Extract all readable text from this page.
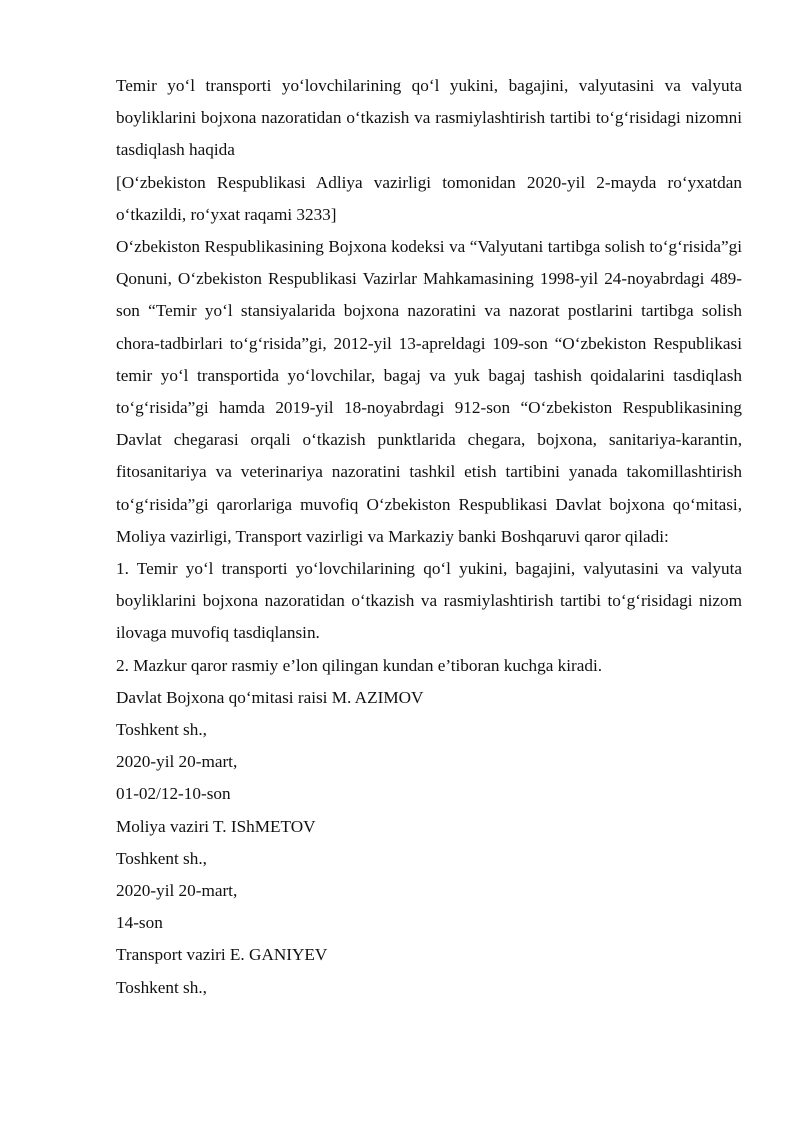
Temir yo‘l transporti yo‘lovchilarining qo‘l yukini, bagajini, valyutasini va valyuta boyliklarini bojxona nazoratidan o‘tkazish va rasmiylashtirish tartibi to‘g‘risidagi nizomni tasdiqlash haqida

[O‘zbekiston Respublikasi Adliya vazirligi tomonidan 2020-yil 2-mayda ro‘yxatdan o‘tkazildi, ro‘yxat raqami 3233]

O‘zbekiston Respublikasining Bojxona kodeksi va “Valyutani tartibga solish to‘g‘risida”gi Qonuni, O‘zbekiston Respublikasi Vazirlar Mahkamasining 1998-yil 24-noyabrdagi 489-son “Temir yo‘l stansiyalarida bojxona nazoratini va nazorat postlarini tartibga solish chora-tadbirlari to‘g‘risida”gi, 2012-yil 13-apreldagi 109-son “O‘zbekiston Respublikasi temir yo‘l transportida yo‘lovchilar, bagaj va yuk bagaj tashish qoidalarini tasdiqlash to‘g‘risida”gi hamda 2019-yil 18-noyabrdagi 912-son “O‘zbekiston Respublikasining Davlat chegarasi orqali o‘tkazish punktlarida chegara, bojxona, sanitariya-karantin, fitosanitariya va veterinariya nazoratini tashkil etish tartibini yanada takomillashtirish to‘g‘risida”gi qarorlariga muvofiq O‘zbekiston Respublikasi Davlat bojxona qo‘mitasi, Moliya vazirligi, Transport vazirligi va Markaziy banki Boshqaruvi qaror qiladi:

1. Temir yo‘l transporti yo‘lovchilarining qo‘l yukini, bagajini, valyutasini va valyuta boyliklarini bojxona nazoratidan o‘tkazish va rasmiylashtirish tartibi to‘g‘risidagi nizom ilovaga muvofiq tasdiqlansin.

2. Mazkur qaror rasmiy e’lon qilingan kundan e’tiboran kuchga kiradi.

Davlat Bojxona qo‘mitasi raisi M. AZIMOV

Toshkent sh.,

2020-yil 20-mart,

01-02/12-10-son

Moliya vaziri T. IShMETOV

Toshkent sh.,

2020-yil 20-mart,

14-son

Transport vaziri E. GANIYEV

Toshkent sh.,
